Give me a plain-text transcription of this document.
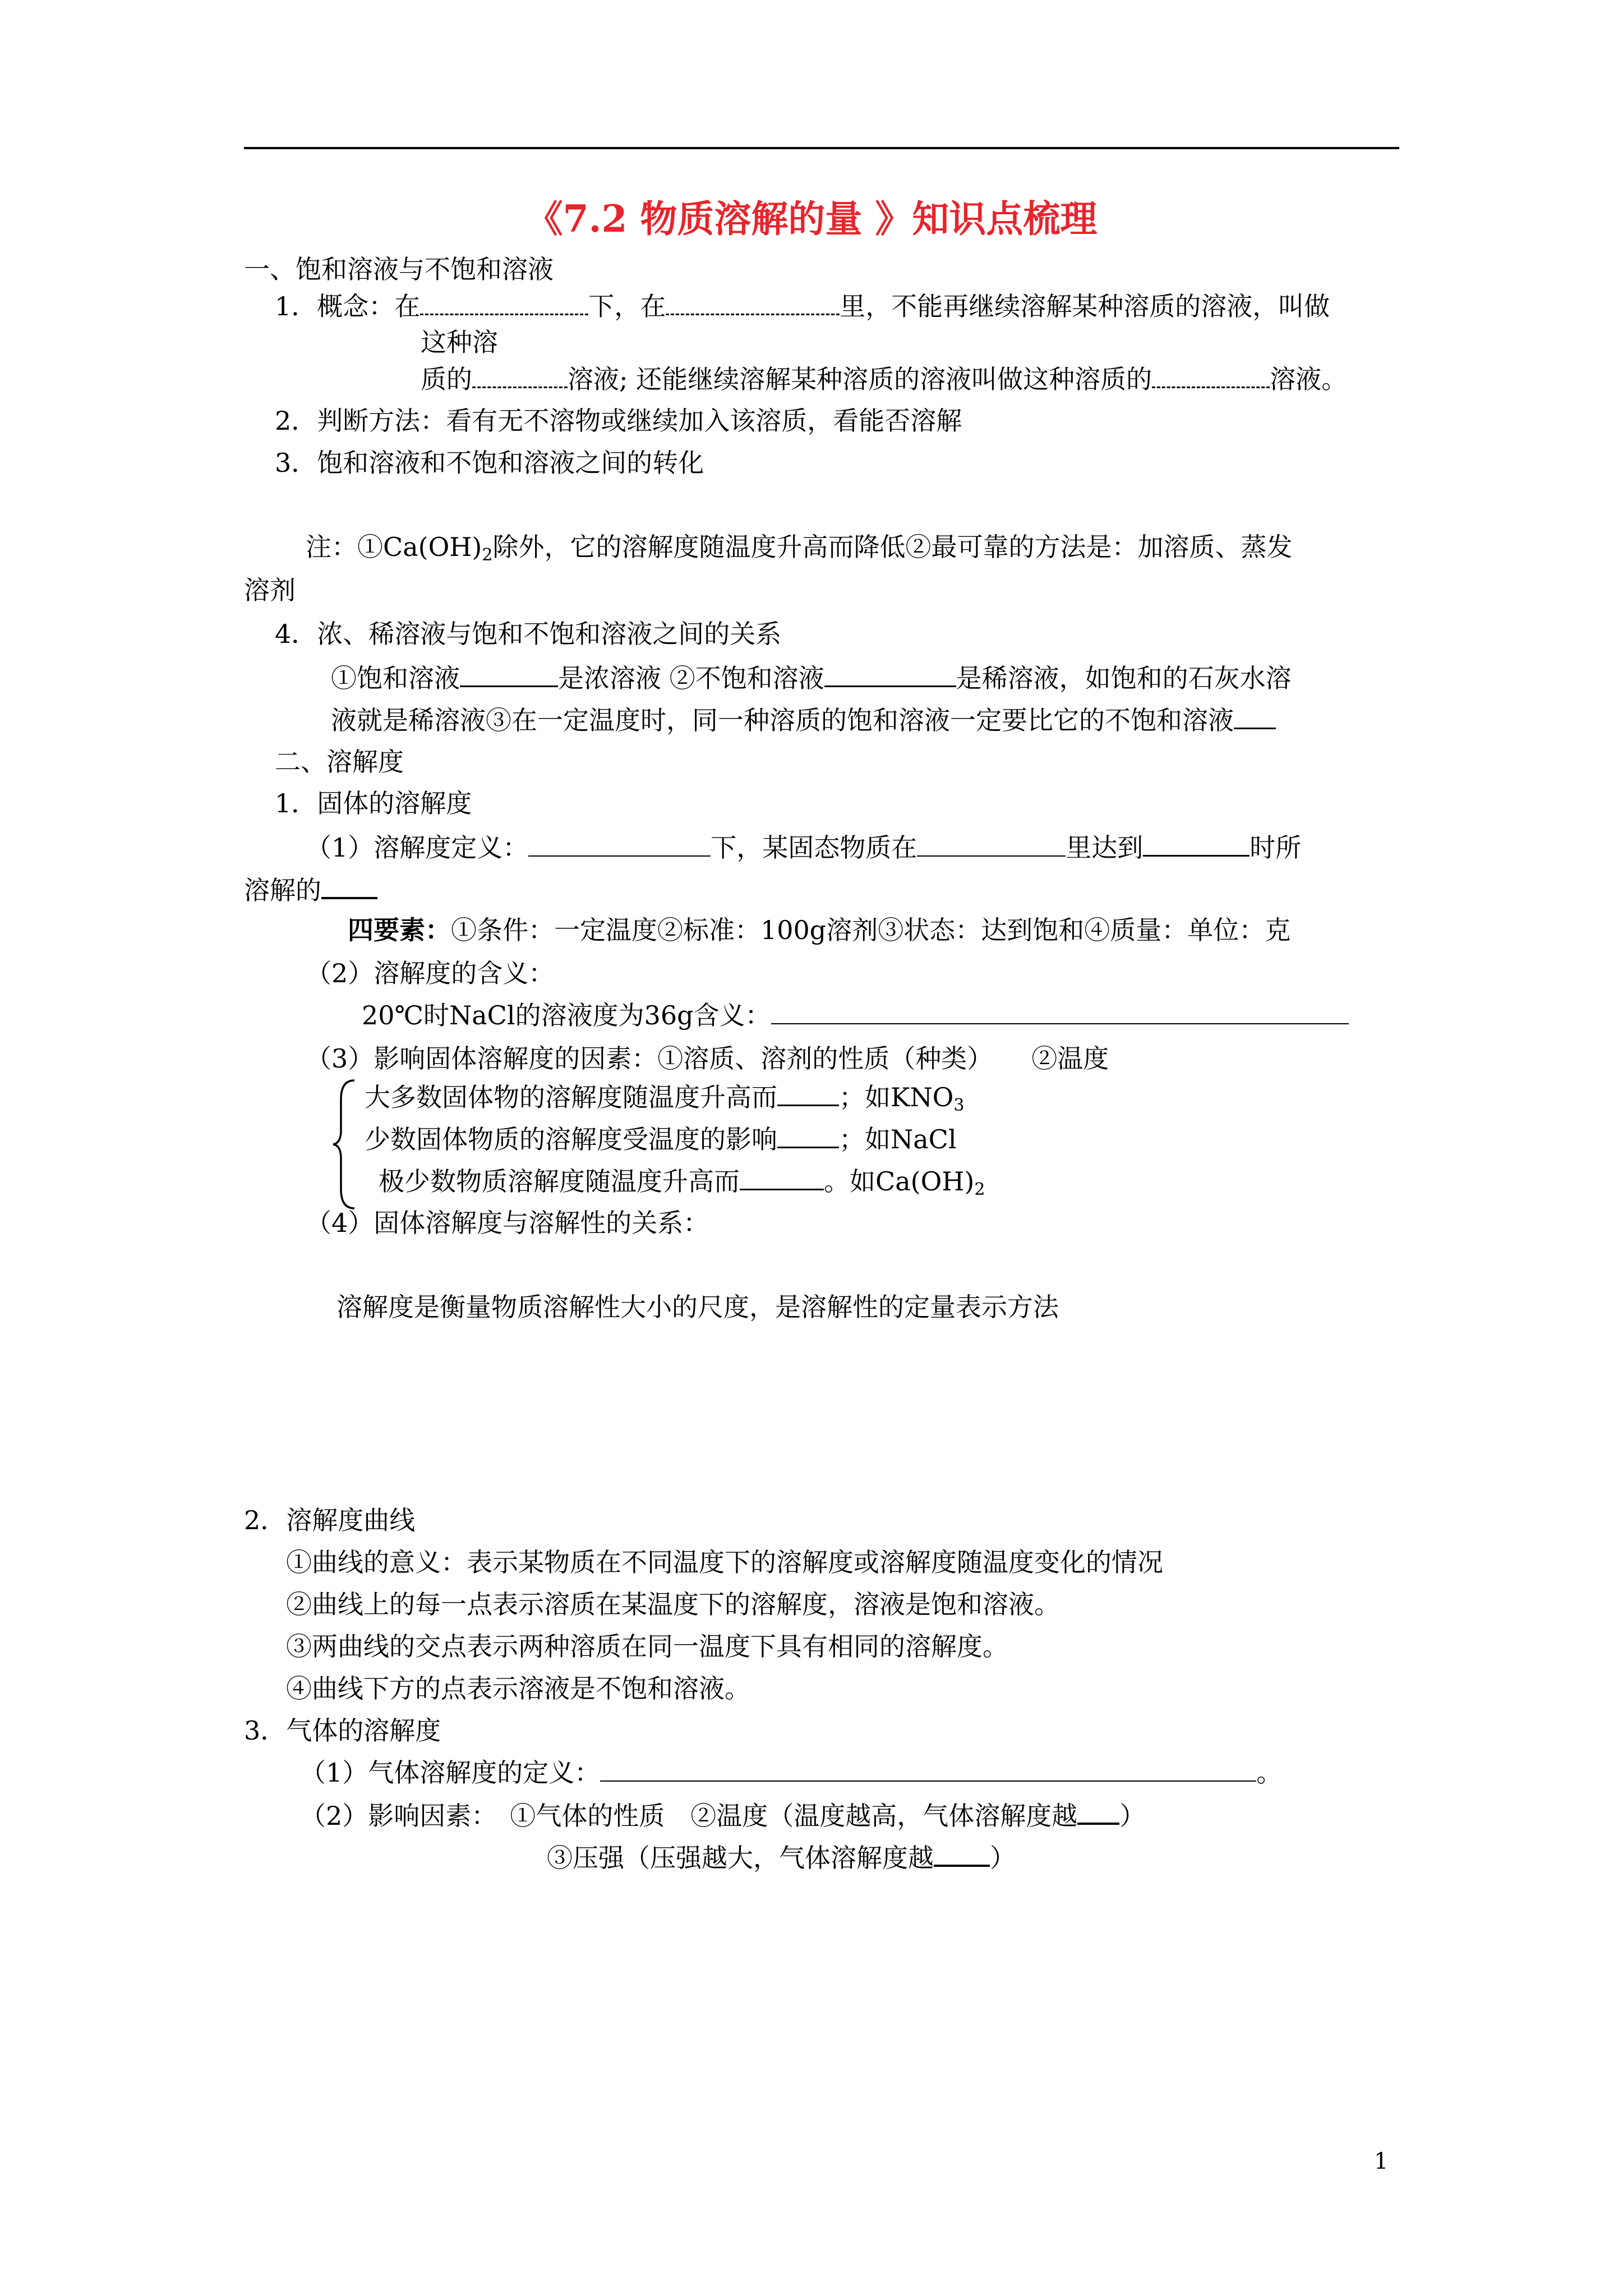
《7.2 物质溶解的量 》知识点梳理
一、饱和溶液与不饱和溶液
1．概念：在	下，在	里，不能再继续溶解某种溶质的溶液，叫做
这种溶
质的	溶液; 还能继续溶解某种溶质的溶液叫做这种溶质的	溶液。
2．判断方法：看有无不溶物或继续加入该溶质，看能否溶解
3．饱和溶液和不饱和溶液之间的转化
注：$①Ca(OH)_2$除外，它的溶解度随温度升高而降低②最可靠的方法是：加溶质、蒸发
溶剂
4．浓、稀溶液与饱和不饱和溶液之间的关系
①饱和溶液	是浓溶液 ②不饱和溶液	是稀溶液，如饱和的石灰水溶
液就是稀溶液③在一定温度时，同一种溶质的饱和溶液一定要比它的不饱和溶液
二、溶解度
1．固体的溶解度
（1）溶解度定义：	下，某固态物质在	里达到	时所
溶解的
四要素：①条件：一定温度②标准：100g溶剂③状态：达到饱和④质量：单位：克
（2）溶解度的含义：
20℃时NaCl的溶液度为36g含义：
（3）影响固体溶解度的因素：①溶质、溶剂的性质（种类）　　②温度
大多数固体物的溶解度随温度升高而 ；如$KNO_3$
少数固体物质的溶解度受温度的影响 ；如NaCl
极少数物质溶解度随温度升高而	。如$Ca(OH)_2$
（4）固体溶解度与溶解性的关系：
溶解度是衡量物质溶解性大小的尺度，是溶解性的定量表示方法
2．溶解度曲线
①曲线的意义：表示某物质在不同温度下的溶解度或溶解度随温度变化的情况
②曲线上的每一点表示溶质在某温度下的溶解度，溶液是饱和溶液。
③两曲线的交点表示两种溶质在同一温度下具有相同的溶解度。
④曲线下方的点表示溶液是不饱和溶液。
3．气体的溶解度
（1）气体溶解度的定义：	。
（2）影响因素：　①气体的性质　②温度（温度越高，气体溶解度越 ）
③压强（压强越大，气体溶解度越 ）
1
